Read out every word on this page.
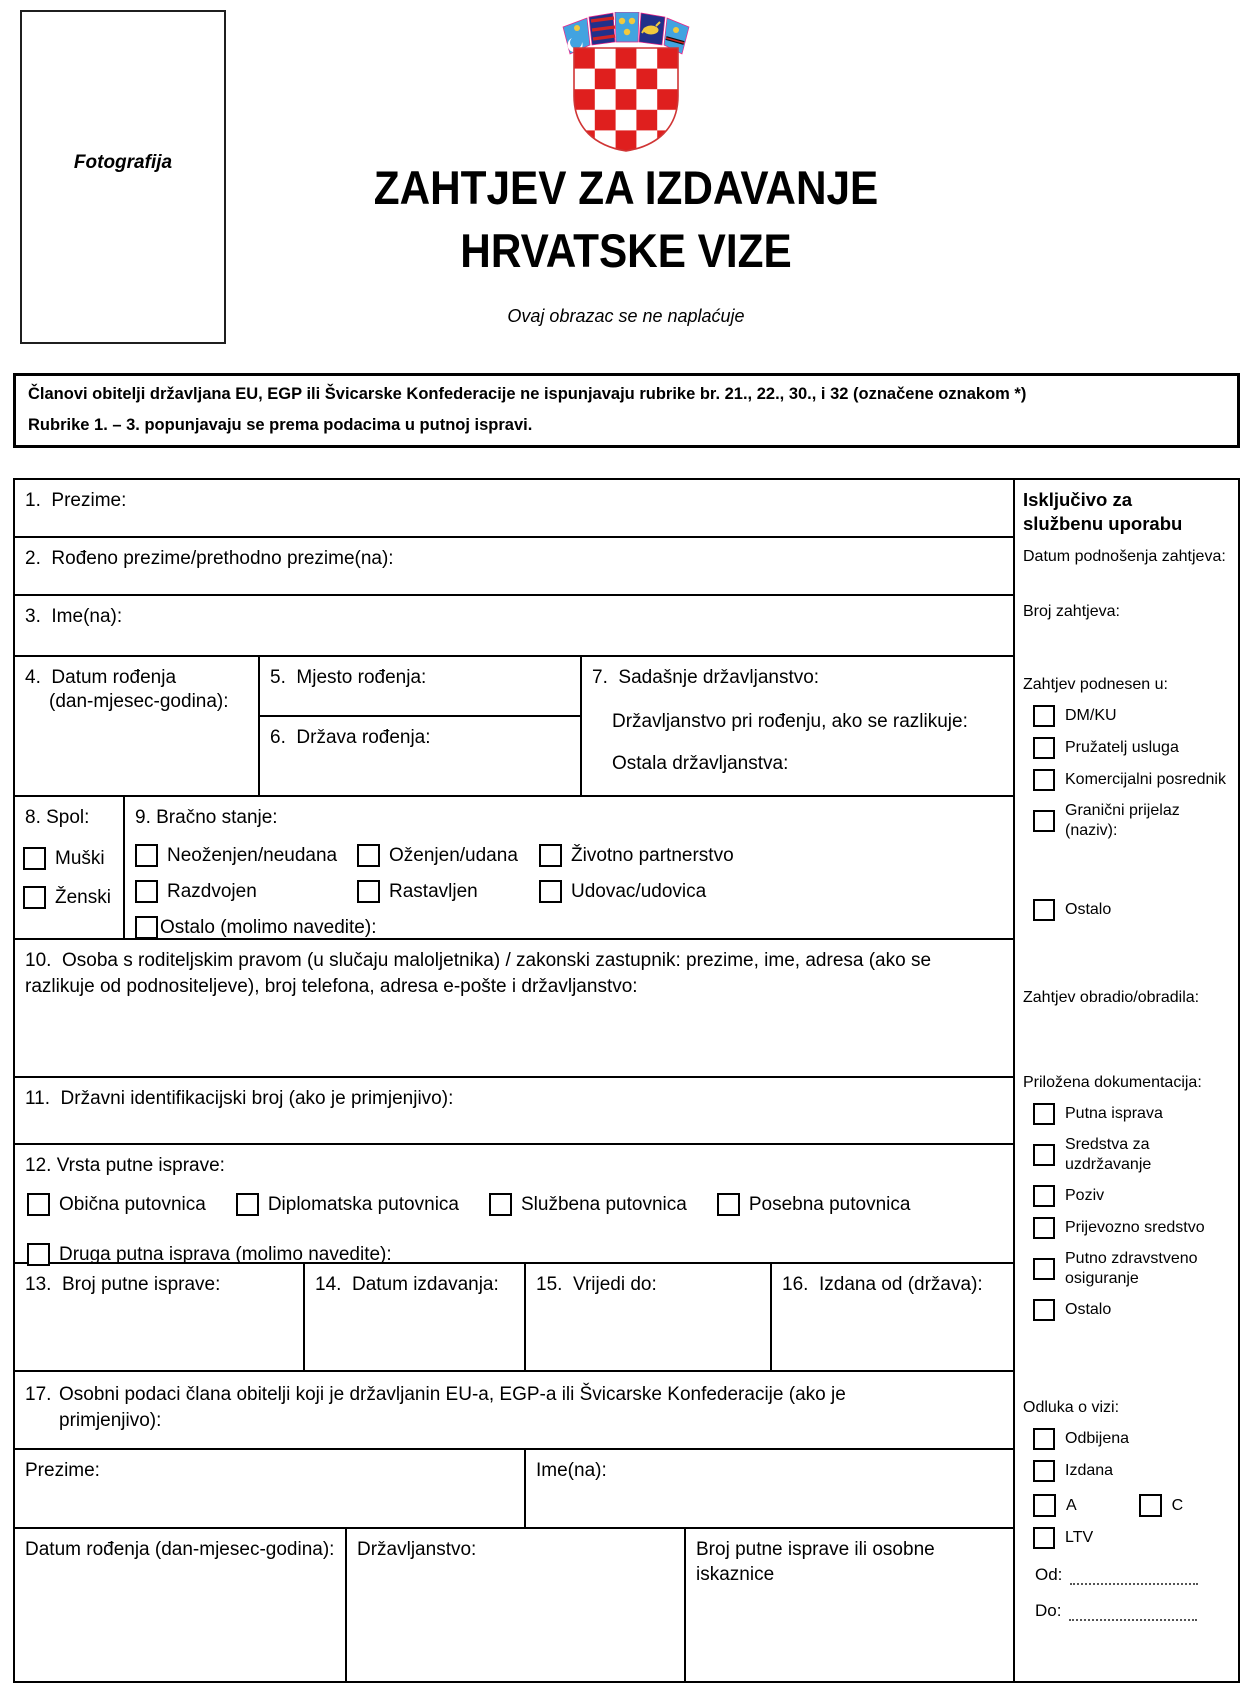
Fotografija	ZAHTJEV ZA IZDAVANJE
HRVATSKE VIZE
Ovaj obrazac se ne naplaćuje
Članovi obitelji državljana EU, EGP ili Švicarske Konfederacije ne ispunjavaju rubrike br. 21., 22., 30., i 32 (označene oznakom *)
Rubrike 1. – 3. popunjavaju se prema podacima u putnoj ispravi.
1.  Prezime:
2.  Rođeno prezime/prethodno prezime(na):
3.  Ime(na):
4.  Datum rođenja
(dan-mjesec-godina):
5.  Mjesto rođenja:
6.  Država rođenja:
7.  Sadašnje državljanstvo:
Državljanstvo pri rođenju, ako se razlikuje:
Ostala državljanstva:
8. Spol:
Muški
Ženski
9. Bračno stanje:
Neoženjen/neudana	Oženjen/udana	Životno partnerstvo
Razdvojen	Rastavljen	Udovac/udovica
Ostalo (molimo navedite):
10.  Osoba s roditeljskim pravom (u slučaju maloljetnika) / zakonski zastupnik: prezime, ime, adresa (ako se razlikuje od podnositeljeve), broj telefona, adresa e-pošte i državljanstvo:
11.  Državni identifikacijski broj (ako je primjenjivo):
12. Vrsta putne isprave:
Obična putovnica	Diplomatska putovnica	Službena putovnica	Posebna putovnica
Druga putna isprava (molimo navedite):
13.  Broj putne isprave:	14.  Datum izdavanja:	15.  Vrijedi do:	16.  Izdana od (država):
17. Osobni podaci člana obitelji koji je državljanin EU-a, EGP-a ili Švicarske Konfederacije (ako je primjenjivo):
Prezime:	Ime(na):
Datum rođenja (dan-mjesec-godina):	Državljanstvo:	Broj putne isprave ili osobne iskaznice
Isključivo za službenu uporabu
Datum podnošenja zahtjeva:
Broj zahtjeva:
Zahtjev podnesen u:
DM/KU
Pružatelj usluga
Komercijalni posrednik
Granični prijelaz (naziv):
Ostalo
Zahtjev obradio/obradila:
Priložena dokumentacija:
Putna isprava
Sredstva za uzdržavanje
Poziv
Prijevozno sredstvo
Putno zdravstveno osiguranje
Ostalo
Odluka o vizi:
Odbijena
Izdana
A	C
LTV
Od:
Do:
